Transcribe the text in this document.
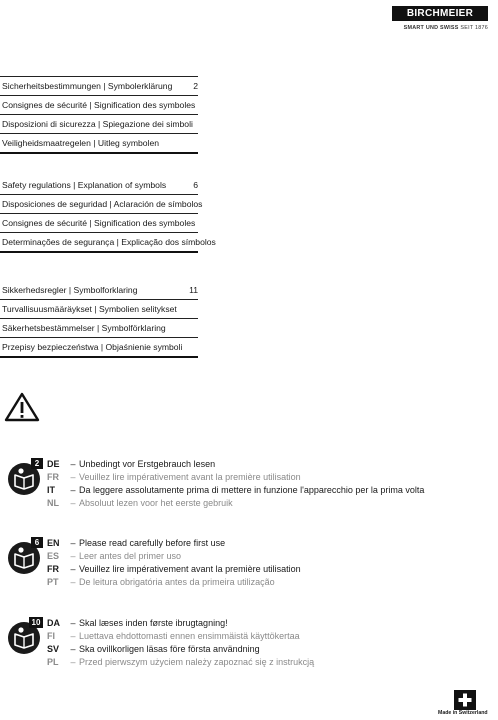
BIRCHMEIER
SMART UND SWISS SEIT 1876
Sicherheitsbestimmungen | Symbolerklärung 2
Consignes de sécurité | Signification des symboles
Disposizioni di sicurezza | Spiegazione dei simboli
Veiligheidsmaatregelen | Uitleg symbolen
Safety regulations | Explanation of symbols	6
Disposiciones de seguridad | Aclaración de símbolos
Consignes de sécurité | Signification des symboles
Determinações de segurança | Explicação dos símbolos
Sikkerhedsregler | Symbolforklaring	11
Turvallisuusmääräykset | Symbolien selitykset
Säkerhetsbestämmelser | Symbolförklaring
Przepisy bezpieczeństwa | Objaśnienie symboli
2 DE – Unbedingt vor Erstgebrauch lesen
FR – Veuillez lire impérativement avant la première utilisation
IT – Da leggere assolutamente prima di mettere in funzione l'apparecchio per la prima volta
NL – Absoluut lezen voor het eerste gebruik
6 EN – Please read carefully before first use
ES – Leer antes del primer uso
FR – Veuillez lire impérativement avant la première utilisation
PT – De leitura obrigatória antes da primeira utilização
10 DA – Skal læses inden første ibrugtagning!
FI – Luettava ehdottomasti ennen ensimmäistä käyttökertaa
SV – Ska ovillkorligen läsas före första användning
PL – Przed pierwszym użyciem należy zapoznać się z instrukcją
Made in Switzerland
